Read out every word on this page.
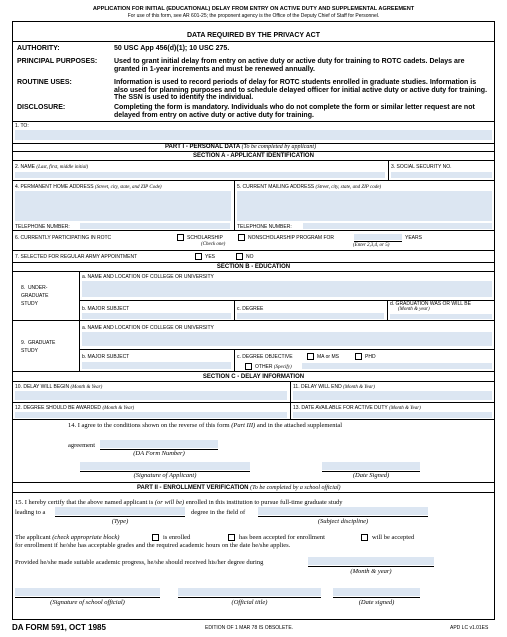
APPLICATION FOR INITIAL (EDUCATIONAL) DELAY FROM ENTRY ON ACTIVE DUTY AND SUPPLEMENTAL AGREEMENT
For use of this form, see AR 601-25; the proponent agency is the Office of the Deputy Chief of Staff for Personnel.
DATA REQUIRED BY THE PRIVACY ACT
AUTHORITY:	50 USC App 456(d)(1); 10 USC 275.
PRINCIPAL PURPOSES: Used to grant initial delay from entry on active duty or active duty for training to ROTC cadets. Delays are granted in 1-year increments and must be renewed annually.
ROUTINE USES:	Information is used to record periods of delay for ROTC students enrolled in graduate studies. Information is also used for planning purposes and to schedule delayed officer for initial active duty or active duty for training. The SSN is used to identify the individual.
DISCLOSURE:	Completing the form is mandatory. Individuals who do not complete the form or similar letter request are not delayed from entry on active duty or active duty for training.
1. TO:
PART I - PERSONAL DATA (To be completed by applicant)
SECTION A - APPLICANT IDENTIFICATION
2. NAME (Last, first, middle initial)	3. SOCIAL SECURITY NO.
4. PERMANENT HOME ADDRESS (Street, city, state, and ZIP Code)	5. CURRENT MAILING ADDRESS (Street, city, state, and ZIP code)
TELEPHONE NUMBER:	TELEPHONE NUMBER:
6. CURRENTLY PARTICIPATING IN ROTC	SCHOLARSHIP
(Check one)
NONSCHOLARSHIP PROGRAM FOR	YEARS
(Enter 2,3,4, or 5)
7. SELECTED FOR REGULAR ARMY APPOINTMENT	YES	NO
SECTION B - EDUCATION
8.  UNDER-
GRADUATE
STUDY
a. NAME AND LOCATION OF COLLEGE OR UNIVERSITY
b. MAJOR SUBJECT	c. DEGREE
d. GRADUATION WAS OR WILL BE
(Month & year)
9.  GRADUATE
STUDY
a. NAME AND LOCATION OF COLLEGE OR UNIVERSITY
b. MAJOR SUBJECT	c. DEGREE OBJECTIVE	MA or MS	PHD
OTHER (Specify)
SECTION C - DELAY INFORMATION
10. DELAY WILL BEGIN (Month & Year)	11. DELAY WILL END (Month & Year)
12. DEGREE SHOULD BE AWARDED (Month & Year)	13. DATE AVAILABLE FOR ACTIVE DUTY (Month & Year)
14. I agree to the conditions shown on the reverse of this form (Part III) and in the attached supplemental
agreement
(DA Form Number)
(Signature of Applicant)	(Date Signed)
PART II - ENROLLMENT VERIFICATION (To be completed by a school official)
15. I hereby certify that the above named applicant is (or will be) enrolled in this institution to pursue full-time graduate study
leading to a
(Type)
degree in the field of
(Subject discipline)
The applicant (check appropriate block)	is enrolled	has been accepted for enrollment	will be accepted
for enrollment if he/she has acceptable grades and the required academic hours on the date he/she applies.
Provided he/she made suitable academic progress, he/she should received his/her degree during
(Month & year)
(Signature of school official)	(Official title)	(Date signed)
DA FORM 591, OCT 1985	EDITION OF 1 MAR 78 IS OBSOLETE.	APD LC v1.01ES
